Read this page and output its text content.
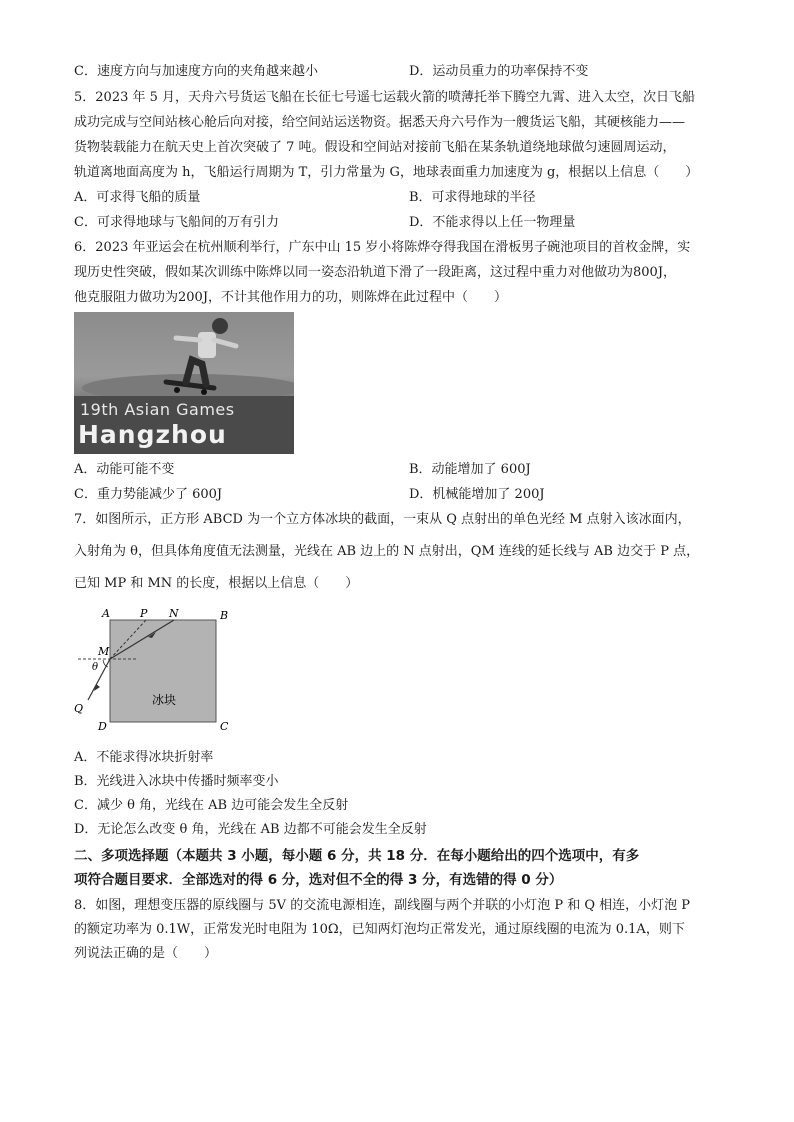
C．速度方向与加速度方向的夹角越来越小	D．运动员重力的功率保持不变
5．2023 年 5 月，天舟六号货运飞船在长征七号遥七运载火箭的喷薄托举下腾空九霄、进入太空，次日飞船
成功完成与空间站核心舱后向对接，给空间站运送物资。据悉天舟六号作为一艘货运飞船，其硬核能力——
货物装载能力在航天史上首次突破了 7 吨。假设和空间站对接前飞船在某条轨道绕地球做匀速圆周运动，
轨道离地面高度为 h，飞船运行周期为 T，引力常量为 G，地球表面重力加速度为 g，根据以上信息（　　）
A．可求得飞船的质量	B．可求得地球的半径
C．可求得地球与飞船间的万有引力	D．不能求得以上任一物理量
6．2023 年亚运会在杭州顺利举行，广东中山 15 岁小将陈烨夺得我国在滑板男子碗池项目的首枚金牌，实
现历史性突破，假如某次训练中陈烨以同一姿态沿轨道下滑了一段距离，这过程中重力对他做功为800J，
他克服阻力做功为200J，不计其他作用力的功，则陈烨在此过程中（　　）
19th Asian Games
Hangzhou
A．动能可能不变	B．动能增加了 600J
C．重力势能减少了 600J	D．机械能增加了 200J
7．如图所示，正方形 ABCD 为一个立方体冰块的截面，一束从 Q 点射出的单色光经 M 点射入该冰面内，
入射角为 θ，但具体角度值无法测量，光线在 AB 边上的 N 点射出，QM 连线的延长线与 AB 边交于 P 点，
已知 MP 和 MN 的长度，根据以上信息（　　）
A	P N	B
M
θ
Q
D	C
冰块
A．不能求得冰块折射率
B．光线进入冰块中传播时频率变小
C．减少 θ 角，光线在 AB 边可能会发生全反射
D．无论怎么改变 θ 角，光线在 AB 边都不可能会发生全反射
二、多项选择题（本题共 3 小题，每小题 6 分，共 18 分．在每小题给出的四个选项中，有多
项符合题目要求．全部选对的得 6 分，选对但不全的得 3 分，有选错的得 0 分）
8．如图，理想变压器的原线圈与 5V 的交流电源相连，副线圈与两个并联的小灯泡 P 和 Q 相连，小灯泡 P
的额定功率为 0.1W，正常发光时电阻为 10Ω，已知两灯泡均正常发光，通过原线圈的电流为 0.1A，则下
列说法正确的是（　　）
